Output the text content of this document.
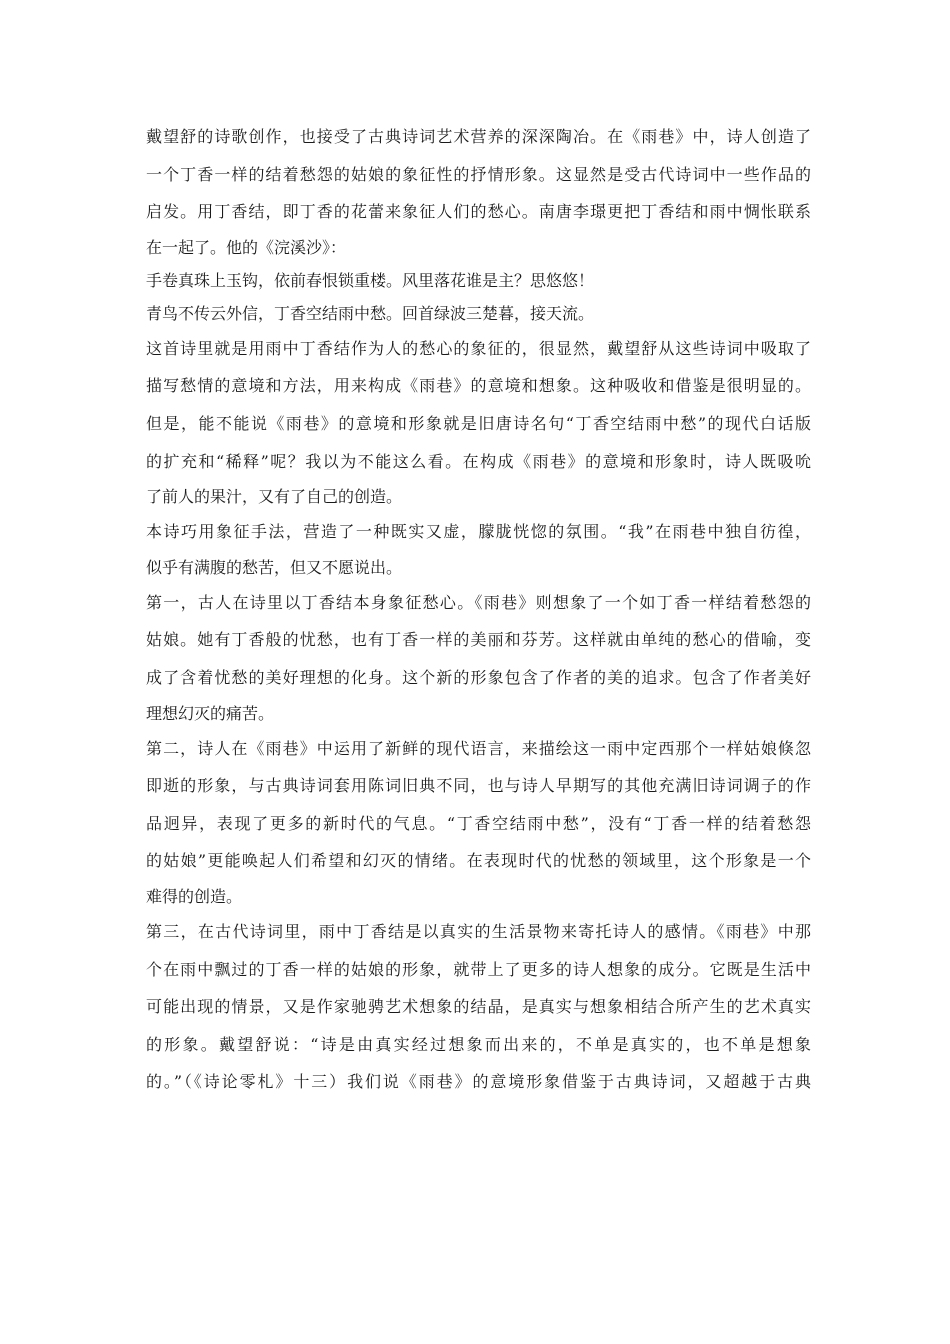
戴望舒的诗歌创作，也接受了古典诗词艺术营养的深深陶冶。在《雨巷》中，诗人创造了
一个丁香一样的结着愁怨的姑娘的象征性的抒情形象。这显然是受古代诗词中一些作品的
启发。用丁香结，即丁香的花蕾来象征人们的愁心。南唐李璟更把丁香结和雨中惆怅联系
在一起了。他的《浣溪沙》：
手卷真珠上玉钩，依前春恨锁重楼。风里落花谁是主？思悠悠！
青鸟不传云外信，丁香空结雨中愁。回首绿波三楚暮，接天流。
这首诗里就是用雨中丁香结作为人的愁心的象征的，很显然，戴望舒从这些诗词中吸取了
描写愁情的意境和方法，用来构成《雨巷》的意境和想象。这种吸收和借鉴是很明显的。
但是，能不能说《雨巷》的意境和形象就是旧唐诗名句“丁香空结雨中愁”的现代白话版
的扩充和“稀释”呢？我以为不能这么看。在构成《雨巷》的意境和形象时，诗人既吸吮
了前人的果汁，又有了自己的创造。
本诗巧用象征手法，营造了一种既实又虚，朦胧恍惚的氛围。“我”在雨巷中独自彷徨，
似乎有满腹的愁苦，但又不愿说出。
第一，古人在诗里以丁香结本身象征愁心。《雨巷》则想象了一个如丁香一样结着愁怨的
姑娘。她有丁香般的忧愁，也有丁香一样的美丽和芬芳。这样就由单纯的愁心的借喻，变
成了含着忧愁的美好理想的化身。这个新的形象包含了作者的美的追求。包含了作者美好
理想幻灭的痛苦。
第二，诗人在《雨巷》中运用了新鲜的现代语言，来描绘这一雨中定西那个一样姑娘倏忽
即逝的形象，与古典诗词套用陈词旧典不同，也与诗人早期写的其他充满旧诗词调子的作
品迥异，表现了更多的新时代的气息。“丁香空结雨中愁”，没有“丁香一样的结着愁怨
的姑娘”更能唤起人们希望和幻灭的情绪。在表现时代的忧愁的领域里，这个形象是一个
难得的创造。
第三，在古代诗词里，雨中丁香结是以真实的生活景物来寄托诗人的感情。《雨巷》中那
个在雨中飘过的丁香一样的姑娘的形象，就带上了更多的诗人想象的成分。它既是生活中
可能出现的情景，又是作家驰骋艺术想象的结晶，是真实与想象相结合所产生的艺术真实
的形象。戴望舒说：“诗是由真实经过想象而出来的，不单是真实的，也不单是想象
的。”（《诗论零札》十三）我们说《雨巷》的意境形象借鉴于古典诗词，又超越于古典
